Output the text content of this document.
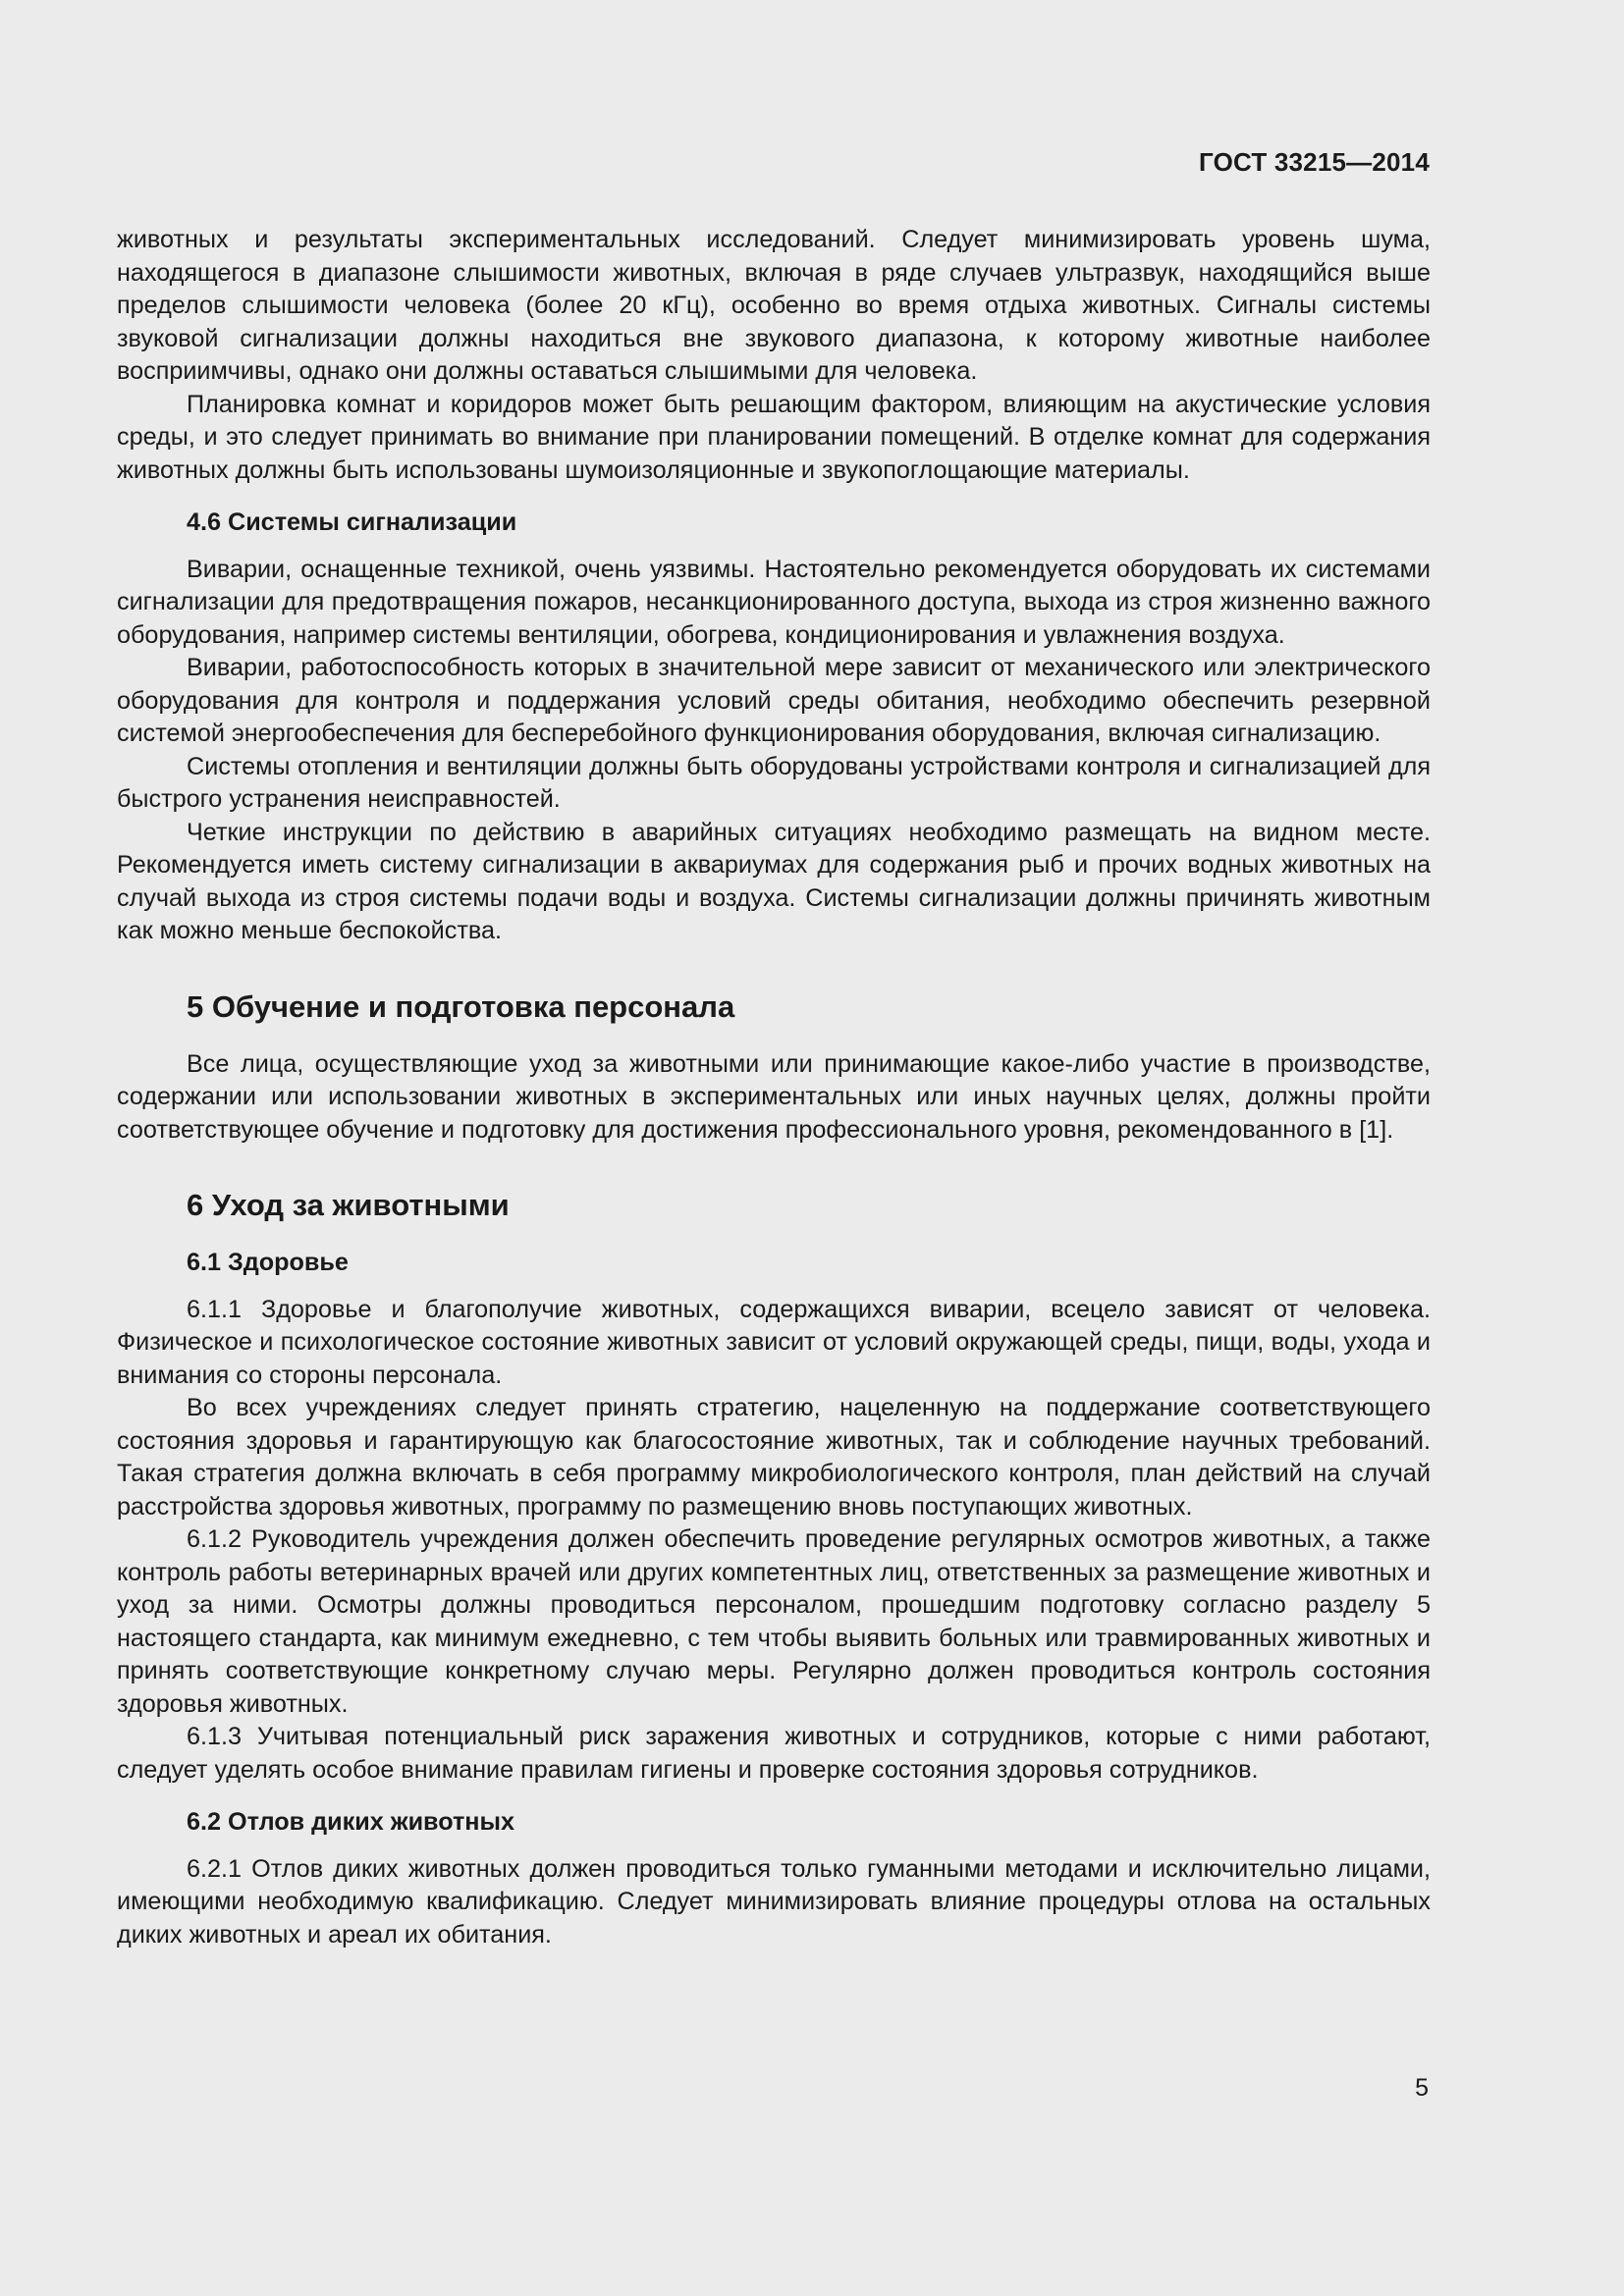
ГОСТ 33215—2014
животных и результаты экспериментальных исследований. Следует минимизировать уровень шума, находящегося в диапазоне слышимости животных, включая в ряде случаев ультразвук, находящийся выше пределов слышимости человека (более 20 кГц), особенно во время отдыха животных. Сигналы системы звуковой сигнализации должны находиться вне звукового диапазона, к которому животные наиболее восприимчивы, однако они должны оставаться слышимыми для человека.
Планировка комнат и коридоров может быть решающим фактором, влияющим на акустические условия среды, и это следует принимать во внимание при планировании помещений. В отделке комнат для содержания животных должны быть использованы шумоизоляционные и звукопоглощающие материалы.
4.6 Системы сигнализации
Виварии, оснащенные техникой, очень уязвимы. Настоятельно рекомендуется оборудовать их системами сигнализации для предотвращения пожаров, несанкционированного доступа, выхода из строя жизненно важного оборудования, например системы вентиляции, обогрева, кондиционирования и увлажнения воздуха.
Виварии, работоспособность которых в значительной мере зависит от механического или электрического оборудования для контроля и поддержания условий среды обитания, необходимо обеспечить резервной системой энергообеспечения для бесперебойного функционирования оборудования, включая сигнализацию.
Системы отопления и вентиляции должны быть оборудованы устройствами контроля и сигнализацией для быстрого устранения неисправностей.
Четкие инструкции по действию в аварийных ситуациях необходимо размещать на видном месте. Рекомендуется иметь систему сигнализации в аквариумах для содержания рыб и прочих водных животных на случай выхода из строя системы подачи воды и воздуха. Системы сигнализации должны причинять животным как можно меньше беспокойства.
5 Обучение и подготовка персонала
Все лица, осуществляющие уход за животными или принимающие какое-либо участие в производстве, содержании или использовании животных в экспериментальных или иных научных целях, должны пройти соответствующее обучение и подготовку для достижения профессионального уровня, рекомендованного в [1].
6 Уход за животными
6.1 Здоровье
6.1.1 Здоровье и благополучие животных, содержащихся виварии, всецело зависят от человека. Физическое и психологическое состояние животных зависит от условий окружающей среды, пищи, воды, ухода и внимания со стороны персонала.
Во всех учреждениях следует принять стратегию, нацеленную на поддержание соответствующего состояния здоровья и гарантирующую как благосостояние животных, так и соблюдение научных требований. Такая стратегия должна включать в себя программу микробиологического контроля, план действий на случай расстройства здоровья животных, программу по размещению вновь поступающих животных.
6.1.2 Руководитель учреждения должен обеспечить проведение регулярных осмотров животных, а также контроль работы ветеринарных врачей или других компетентных лиц, ответственных за размещение животных и уход за ними. Осмотры должны проводиться персоналом, прошедшим подготовку согласно разделу 5 настоящего стандарта, как минимум ежедневно, с тем чтобы выявить больных или травмированных животных и принять соответствующие конкретному случаю меры. Регулярно должен проводиться контроль состояния здоровья животных.
6.1.3 Учитывая потенциальный риск заражения животных и сотрудников, которые с ними работают, следует уделять особое внимание правилам гигиены и проверке состояния здоровья сотрудников.
6.2 Отлов диких животных
6.2.1 Отлов диких животных должен проводиться только гуманными методами и исключительно лицами, имеющими необходимую квалификацию. Следует минимизировать влияние процедуры отлова на остальных диких животных и ареал их обитания.
5
